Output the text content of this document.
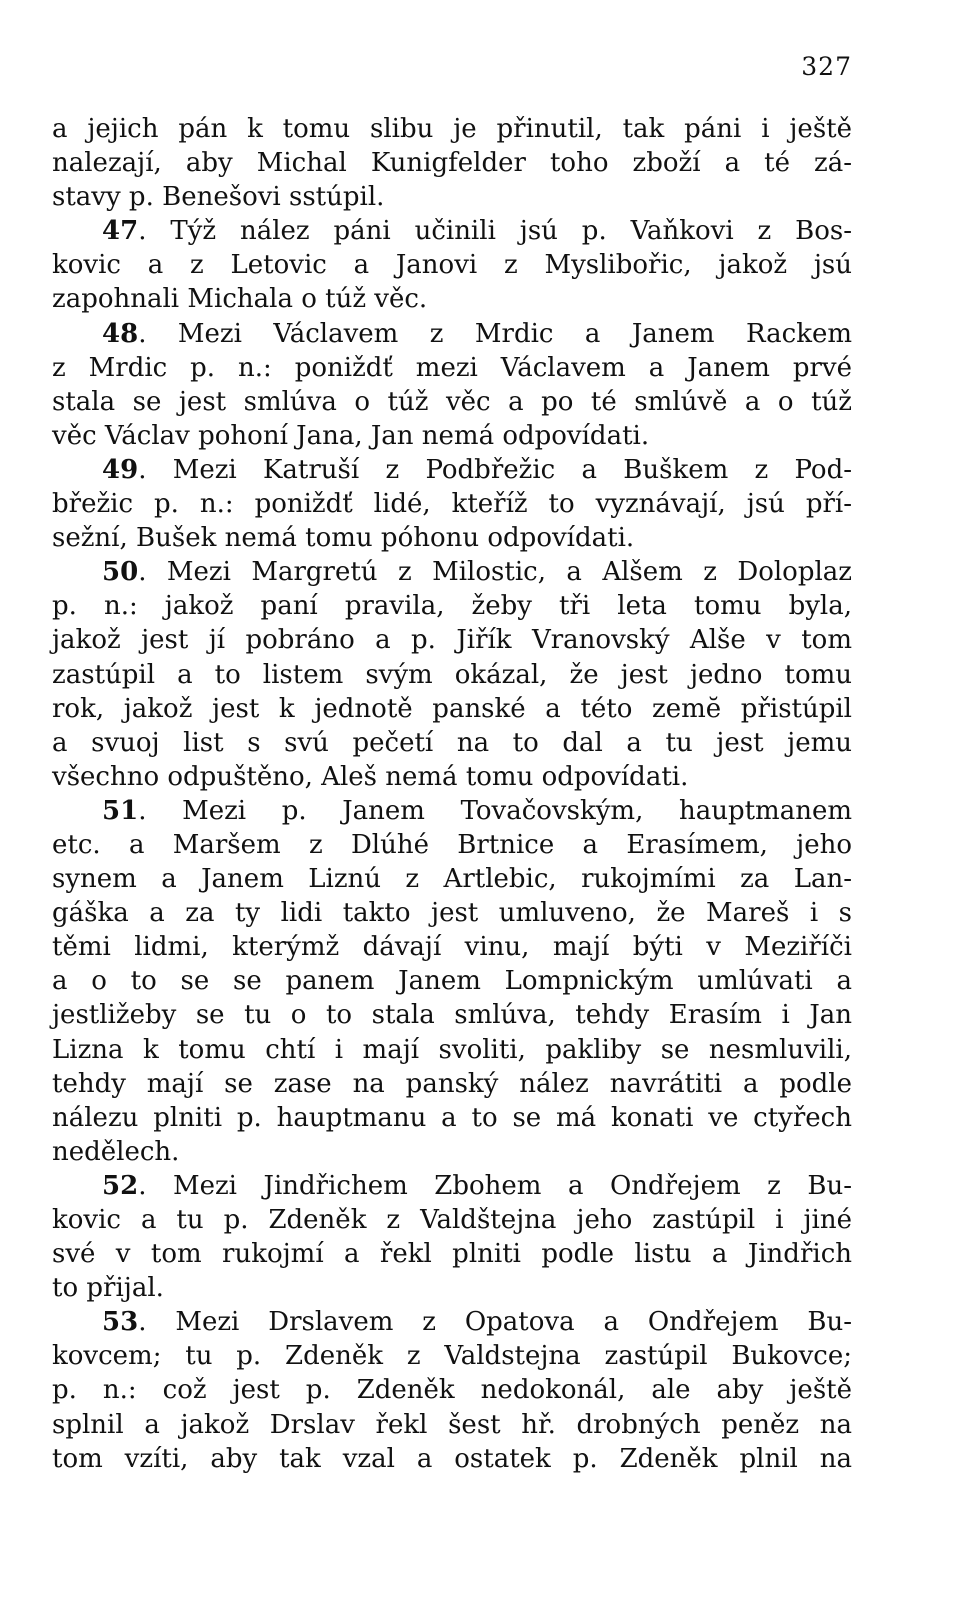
327
a jejich pán k tomu slibu je přinutil, tak páni i ještě
nalezají, aby Michal Kunigfelder toho zboží a té zá-
stavy p. Benešovi sstúpil.
47. Týž nález páni učinili jsú p. Vaňkovi z Bos-
kovic a z Letovic a Janovi z Myslibořic, jakož jsú
zapohnali Michala o túž věc.
48. Mezi Václavem z Mrdic a Janem Rackem
z Mrdic p. n.: poniždť mezi Václavem a Janem prvé
stala se jest smlúva o túž věc a po té smlúvě a o túž
věc Václav pohoní Jana, Jan nemá odpovídati.
49. Mezi Katruší z Podbřežic a Buškem z Pod-
břežic p. n.: poniždť lidé, kteříž to vyznávají, jsú pří-
sežní, Bušek nemá tomu póhonu odpovídati.
50. Mezi Margretú z Milostic, a Alšem z Doloplaz
p. n.: jakož paní pravila, žeby tři leta tomu byla,
jakož jest jí pobráno a p. Jiřík Vranovský Alše v tom
zastúpil a to listem svým okázal, že jest jedno tomu
rok, jakož jest k jednotě panské a této zemĕ přistúpil
a svuoj list s svú pečetí na to dal a tu jest jemu
všechno odpuštěno, Aleš nemá tomu odpovídati.
51. Mezi p. Janem Tovačovským, hauptmanem
etc. a Maršem z Dlúhé Brtnice a Erasímem, jeho
synem a Janem Liznú z Artlebic, rukojmími za Lan-
gáška a za ty lidi takto jest umluveno, že Mareš i s
těmi lidmi, kterýmž dávají vinu, mají býti v Meziříči
a o to se se panem Janem Lompnickým umlúvati a
jestližeby se tu o to stala smlúva, tehdy Erasím i Jan
Lizna k tomu chtí i mají svoliti, pakliby se nesmluvili,
tehdy mají se zase na panský nález navrátiti a podle
nálezu plniti p. hauptmanu a to se má konati ve ctyřech
nedělech.
52. Mezi Jindřichem Zbohem a Ondřejem z Bu-
kovic a tu p. Zdeněk z Valdštejna jeho zastúpil i jiné
své v tom rukojmí a řekl plniti podle listu a Jindřich
to přijal.
53. Mezi Drslavem z Opatova a Ondřejem Bu-
kovcem; tu p. Zdeněk z Valdstejna zastúpil Bukovce;
p. n.: což jest p. Zdeněk nedokonál, ale aby ještě
splnil a jakož Drslav řekl šest hř. drobných peněz na
tom vzíti, aby tak vzal a ostatek p. Zdeněk plnil na
